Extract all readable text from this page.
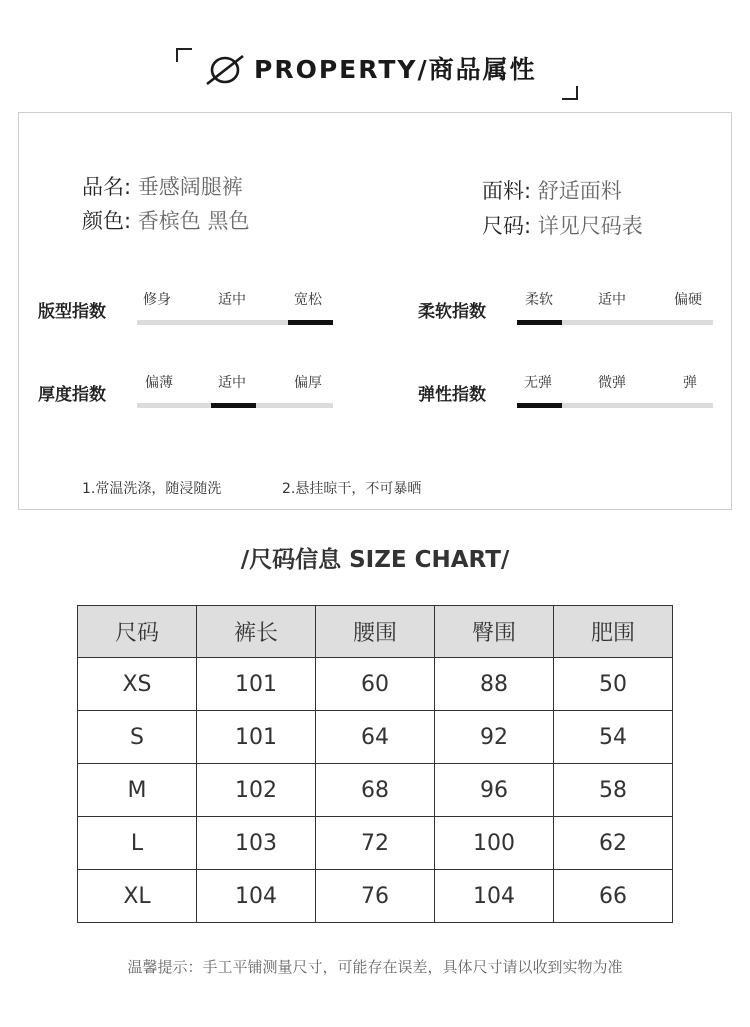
PROPERTY/商品属性
品名: 垂感阔腿裤
颜色: 香槟色 黑色
面料: 舒适面料
尺码: 详见尺码表
版型指数
修身	适中	宽松
柔软指数
柔软	适中	偏硬
厚度指数
偏薄	适中	偏厚
弹性指数
无弹	微弹	弹
1.常温洗涤，随浸随洗	2.悬挂晾干，不可暴晒
/尺码信息 SIZE CHART/
尺码	裤长	腰围	臀围	肥围
XS	101	60	88	50
S	101	64	92	54
M	102	68	96	58
L	103	72	100	62
XL	104	76	104	66
温馨提示：手工平铺测量尺寸，可能存在误差，具体尺寸请以收到实物为准
